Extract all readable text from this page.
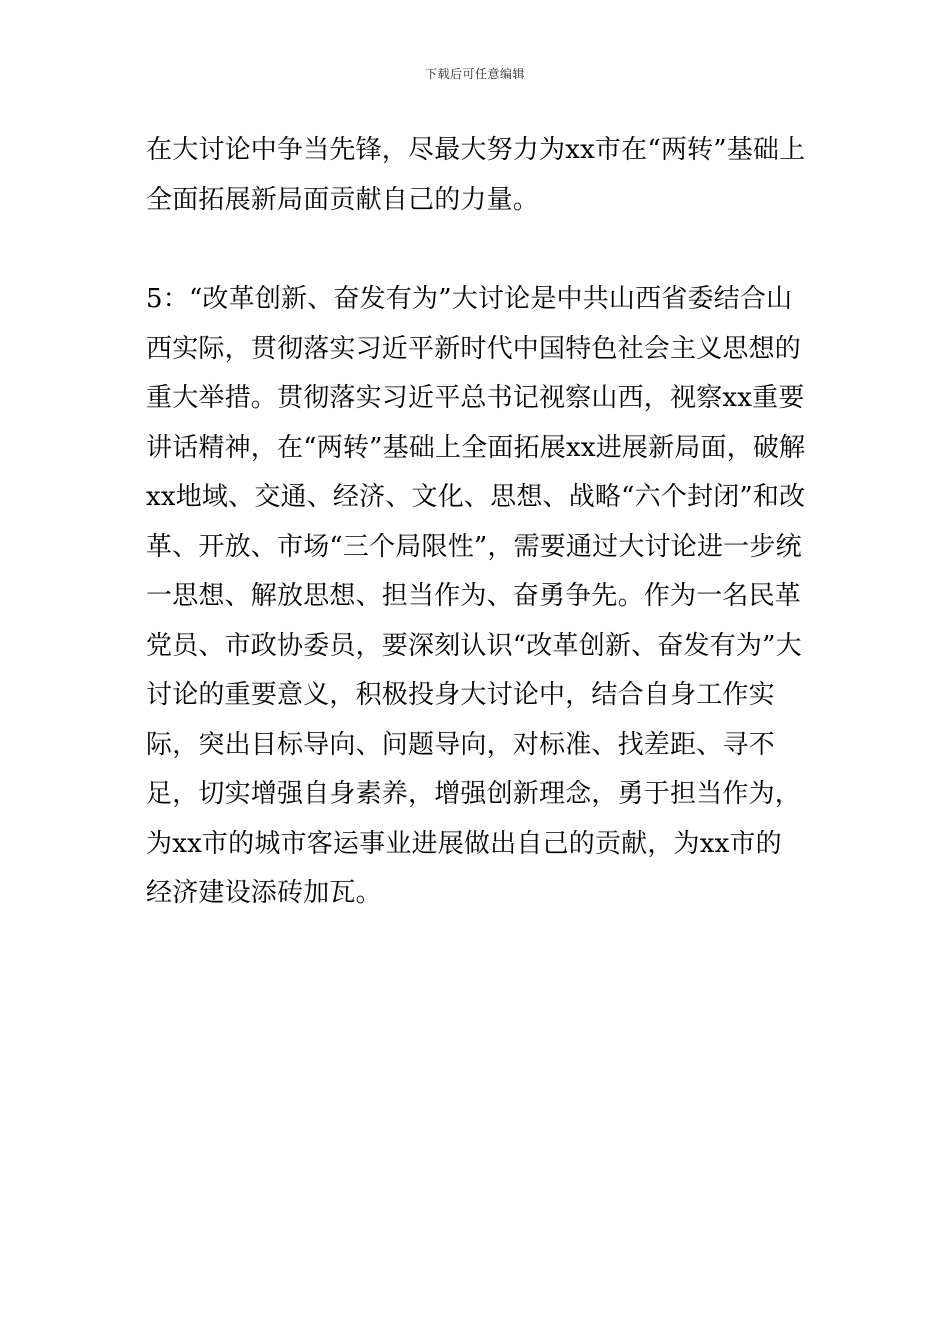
下载后可任意编辑

在大讨论中争当先锋，尽最大努力为xx市在“两转”基础上全面拓展新局面贡献自己的力量。

5：“改革创新、奋发有为”大讨论是中共山西省委结合山西实际，贯彻落实习近平新时代中国特色社会主义思想的重大举措。贯彻落实习近平总书记视察山西，视察xx重要讲话精神，在“两转”基础上全面拓展xx进展新局面，破解xx地域、交通、经济、文化、思想、战略“六个封闭”和改革、开放、市场“三个局限性”，需要通过大讨论进一步统一思想、解放思想、担当作为、奋勇争先。作为一名民革党员、市政协委员，要深刻认识“改革创新、奋发有为”大讨论的重要意义，积极投身大讨论中，结合自身工作实际，突出目标导向、问题导向，对标准、找差距、寻不足，切实增强自身素养，增强创新理念，勇于担当作为，为xx市的城市客运事业进展做出自己的贡献，为xx市的经济建设添砖加瓦。
